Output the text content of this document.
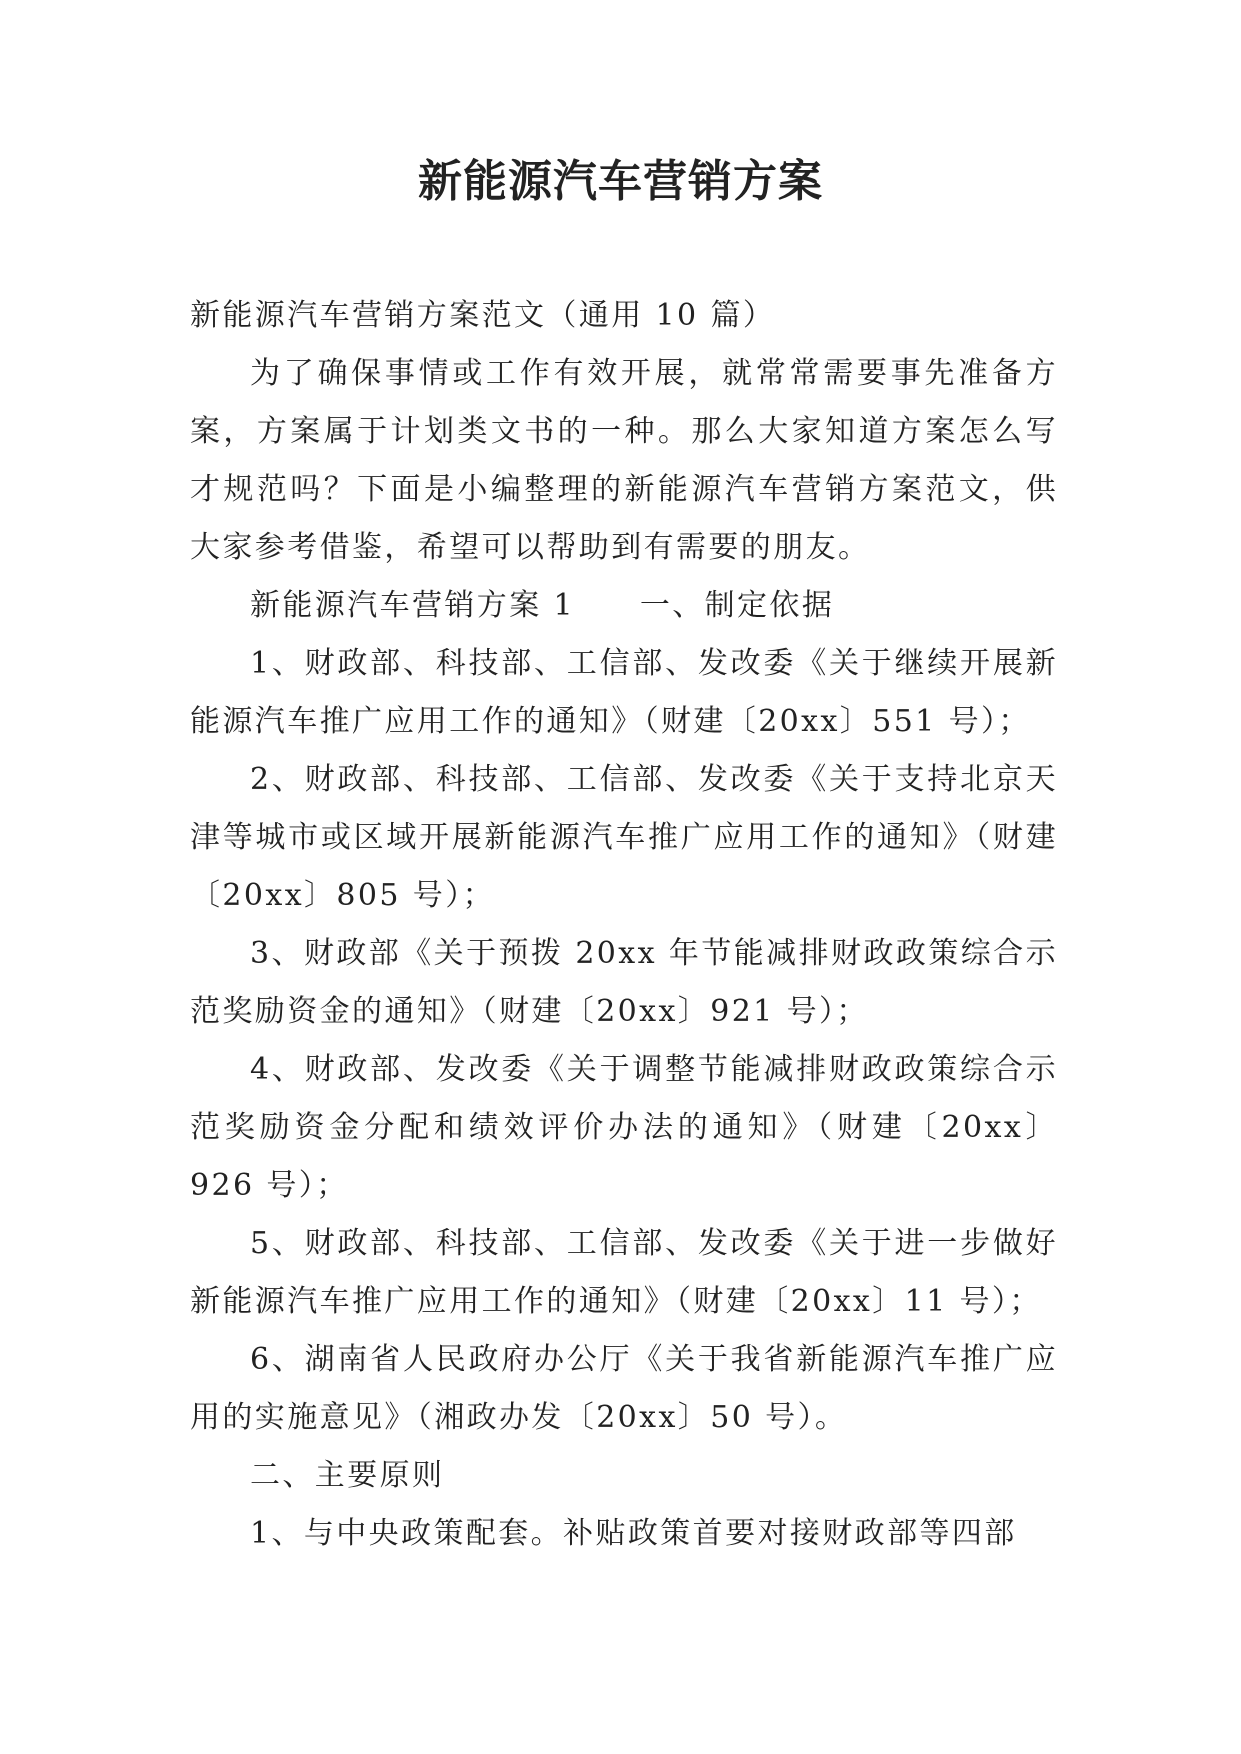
新能源汽车营销方案

新能源汽车营销方案范文（通用 10 篇）

为了确保事情或工作有效开展，就常常需要事先准备方案，方案属于计划类文书的一种。那么大家知道方案怎么写才规范吗？下面是小编整理的新能源汽车营销方案范文，供大家参考借鉴，希望可以帮助到有需要的朋友。

新能源汽车营销方案 1　　一、制定依据

1、财政部、科技部、工信部、发改委《关于继续开展新能源汽车推广应用工作的通知》（财建〔20xx〕551 号）；

2、财政部、科技部、工信部、发改委《关于支持北京天津等城市或区域开展新能源汽车推广应用工作的通知》（财建〔20xx〕805 号）；

3、财政部《关于预拨 20xx 年节能减排财政政策综合示范奖励资金的通知》（财建〔20xx〕921 号）；

4、财政部、发改委《关于调整节能减排财政政策综合示范奖励资金分配和绩效评价办法的通知》（财建〔20xx〕926 号）；

5、财政部、科技部、工信部、发改委《关于进一步做好新能源汽车推广应用工作的通知》（财建〔20xx〕11 号）；

6、湖南省人民政府办公厅《关于我省新能源汽车推广应用的实施意见》（湘政办发〔20xx〕50 号）。

二、主要原则

1、与中央政策配套。补贴政策首要对接财政部等四部
